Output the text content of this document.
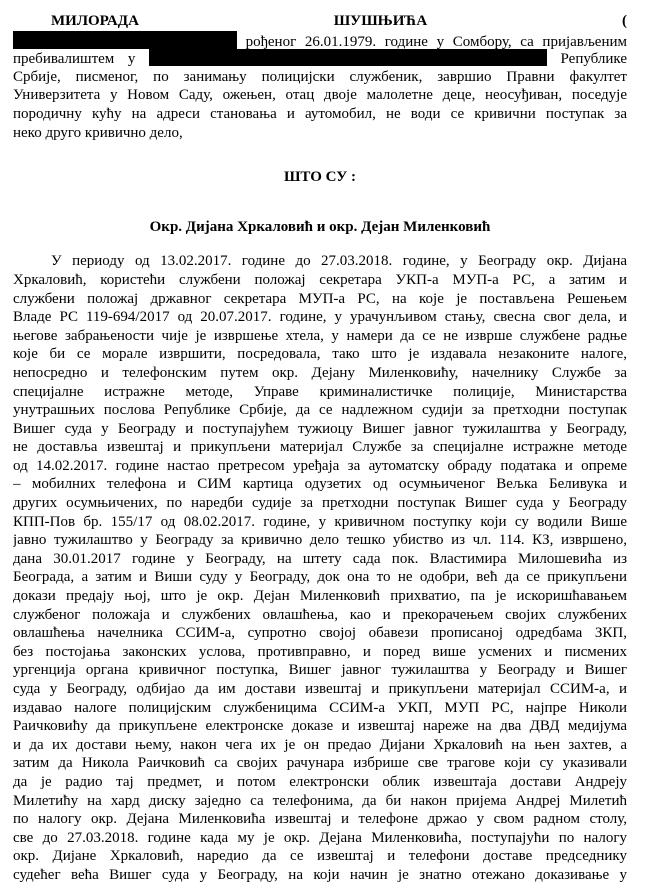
МИЛОРАДА ШУШЊИЋА (
рођеног 26.01.1979. године у Сомбору, са пријављеним
пребивалиштем у	Републике
Србије, писменог, по занимању полицијски службеник, завршио Правни факултет
Универзитета у Новом Саду, ожењен, отац двоје малолетне деце, неосуђиван, поседује
породичну кућу на адреси становања и аутомобил, не води се кривични поступак за
неко друго кривично дело,
ШТО СУ :
Окр. Дијана Хркаловић и окр. Дејан Миленковић
У периоду од 13.02.2017. године до 27.03.2018. године, у Београду окр. Дијана
Хркаловић, користећи службени положај секретара УКП-а МУП-а РС, а затим и
службени положај државног секретара МУП-а РС, на које је постављена Решењем
Владе РС 119-694/2017 од 20.07.2017. године, у урачунљивом стању, свесна свог дела, и
његове забрањености чије је извршење хтела, у намери да се не изврше службене радње
које би се морале извршити, посредовала, тако што је издавала незаконите налоге,
непосредно и телефонским путем окр. Дејану Миленковићу, начелнику Службе за
специјалне истражне методе, Управе криминалистичке полиције, Министарства
унутрашњих послова Републике Србије, да се надлежном судији за претходни поступак
Вишег суда у Београду и поступајућем тужиоцу Вишег јавног тужилаштва у Београду,
не доставља извештај и прикупљени материјал Службе за специјалне истражне методе
од 14.02.2017. године настао претресом уређаја за аутоматску обраду података и опреме
– мобилних телефона и СИМ картица одузетих од осумњиченог Вељка Беливука и
других осумњичених, по наредби судије за претходни поступак Вишег суда у Београду
КПП-Пов бр. 155/17 од 08.02.2017. године, у кривичном поступку који су водили Више
јавно тужилаштво у Београду за кривично дело тешко убиство из чл. 114. КЗ, извршено,
дана 30.01.2017 године у Београду, на штету сада пок. Властимира Милошевића из
Београда, а затим и Виши суду у Београду, док она то не одобри, већ да се прикупљени
докази предају њој, што је окр. Дејан Миленковић прихватио, па је искоришћавањем
службеног положаја и службених овлашћења, као и прекорачењем својих службених
овлашћења начелника ССИМ-а, супротно својој обавези прописаној одредбама ЗКП,
без постојања законских услова, противправно, и поред више усмених и писмених
ургенција органа кривичног поступка, Вишег јавног тужилаштва у Београду и Вишег
суда у Београду, одбијао да им достави извештај и прикупљени материјал ССИМ-а, и
издавао налоге полицијским службеницима ССИМ-а УКП, МУП РС, најпре Николи
Раичковићу да прикупљене електронске доказе и извештај нареже на два ДВД медијума
и да их достави њему, након чега их је он предао Дијани Хркаловић на њен захтев, а
затим да Никола Раичковић са својих рачунара избрише све трагове који су указивали
да је радио тај предмет, и потом електронски облик извештаја достави Андреју
Милетићу на хард диску заједно са телефонима, да би након пријема Андреј Милетић
по налогу окр. Дејана Миленковића извештај и телефоне држао у свом радном столу,
све до 27.03.2018. године када му је окр. Дејана Миленковића, поступајући по налогу
окр. Дијане Хркаловић, наредио да се извештај и телефони доставе председнику
судећег већа Вишег суда у Београду, на који начин је знатно отежано доказивање у
